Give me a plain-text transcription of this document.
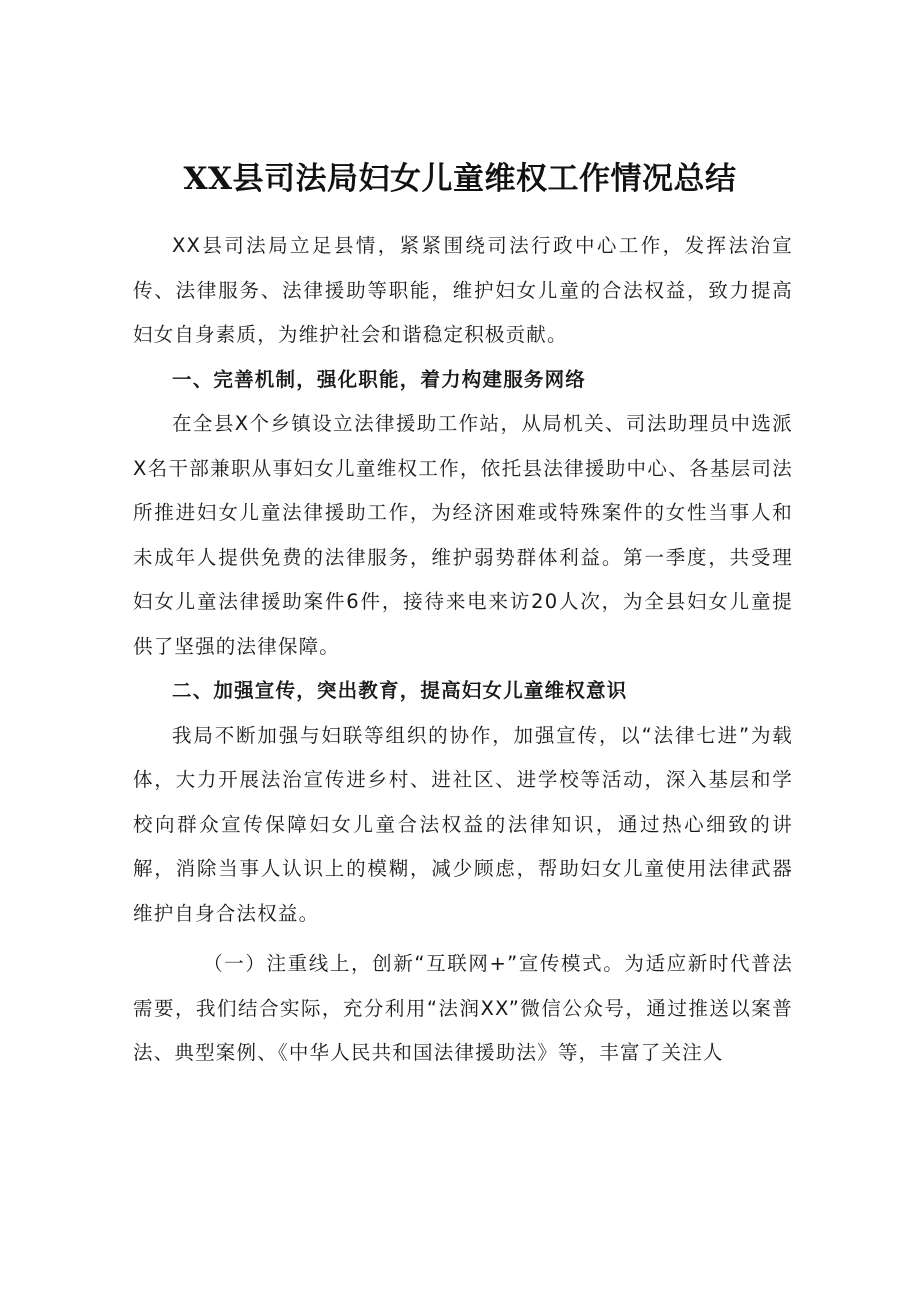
XX县司法局妇女儿童维权工作情况总结

XX县司法局立足县情，紧紧围绕司法行政中心工作，发挥法治宣传、法律服务、法律援助等职能，维护妇女儿童的合法权益，致力提高妇女自身素质，为维护社会和谐稳定积极贡献。

一、完善机制，强化职能，着力构建服务网络

在全县X个乡镇设立法律援助工作站，从局机关、司法助理员中选派X名干部兼职从事妇女儿童维权工作，依托县法律援助中心、各基层司法所推进妇女儿童法律援助工作，为经济困难或特殊案件的女性当事人和未成年人提供免费的法律服务，维护弱势群体利益。第一季度，共受理妇女儿童法律援助案件6件，接待来电来访20人次，为全县妇女儿童提供了坚强的法律保障。

二、加强宣传，突出教育，提高妇女儿童维权意识

我局不断加强与妇联等组织的协作，加强宣传，以“法律七进”为载体，大力开展法治宣传进乡村、进社区、进学校等活动，深入基层和学校向群众宣传保障妇女儿童合法权益的法律知识，通过热心细致的讲解，消除当事人认识上的模糊，减少顾虑，帮助妇女儿童使用法律武器维护自身合法权益。

（一）注重线上，创新“互联网+”宣传模式。为适应新时代普法需要，我们结合实际，充分利用“法润XX”微信公众号，通过推送以案普法、典型案例、《中华人民共和国法律援助法》等，丰富了关注人
